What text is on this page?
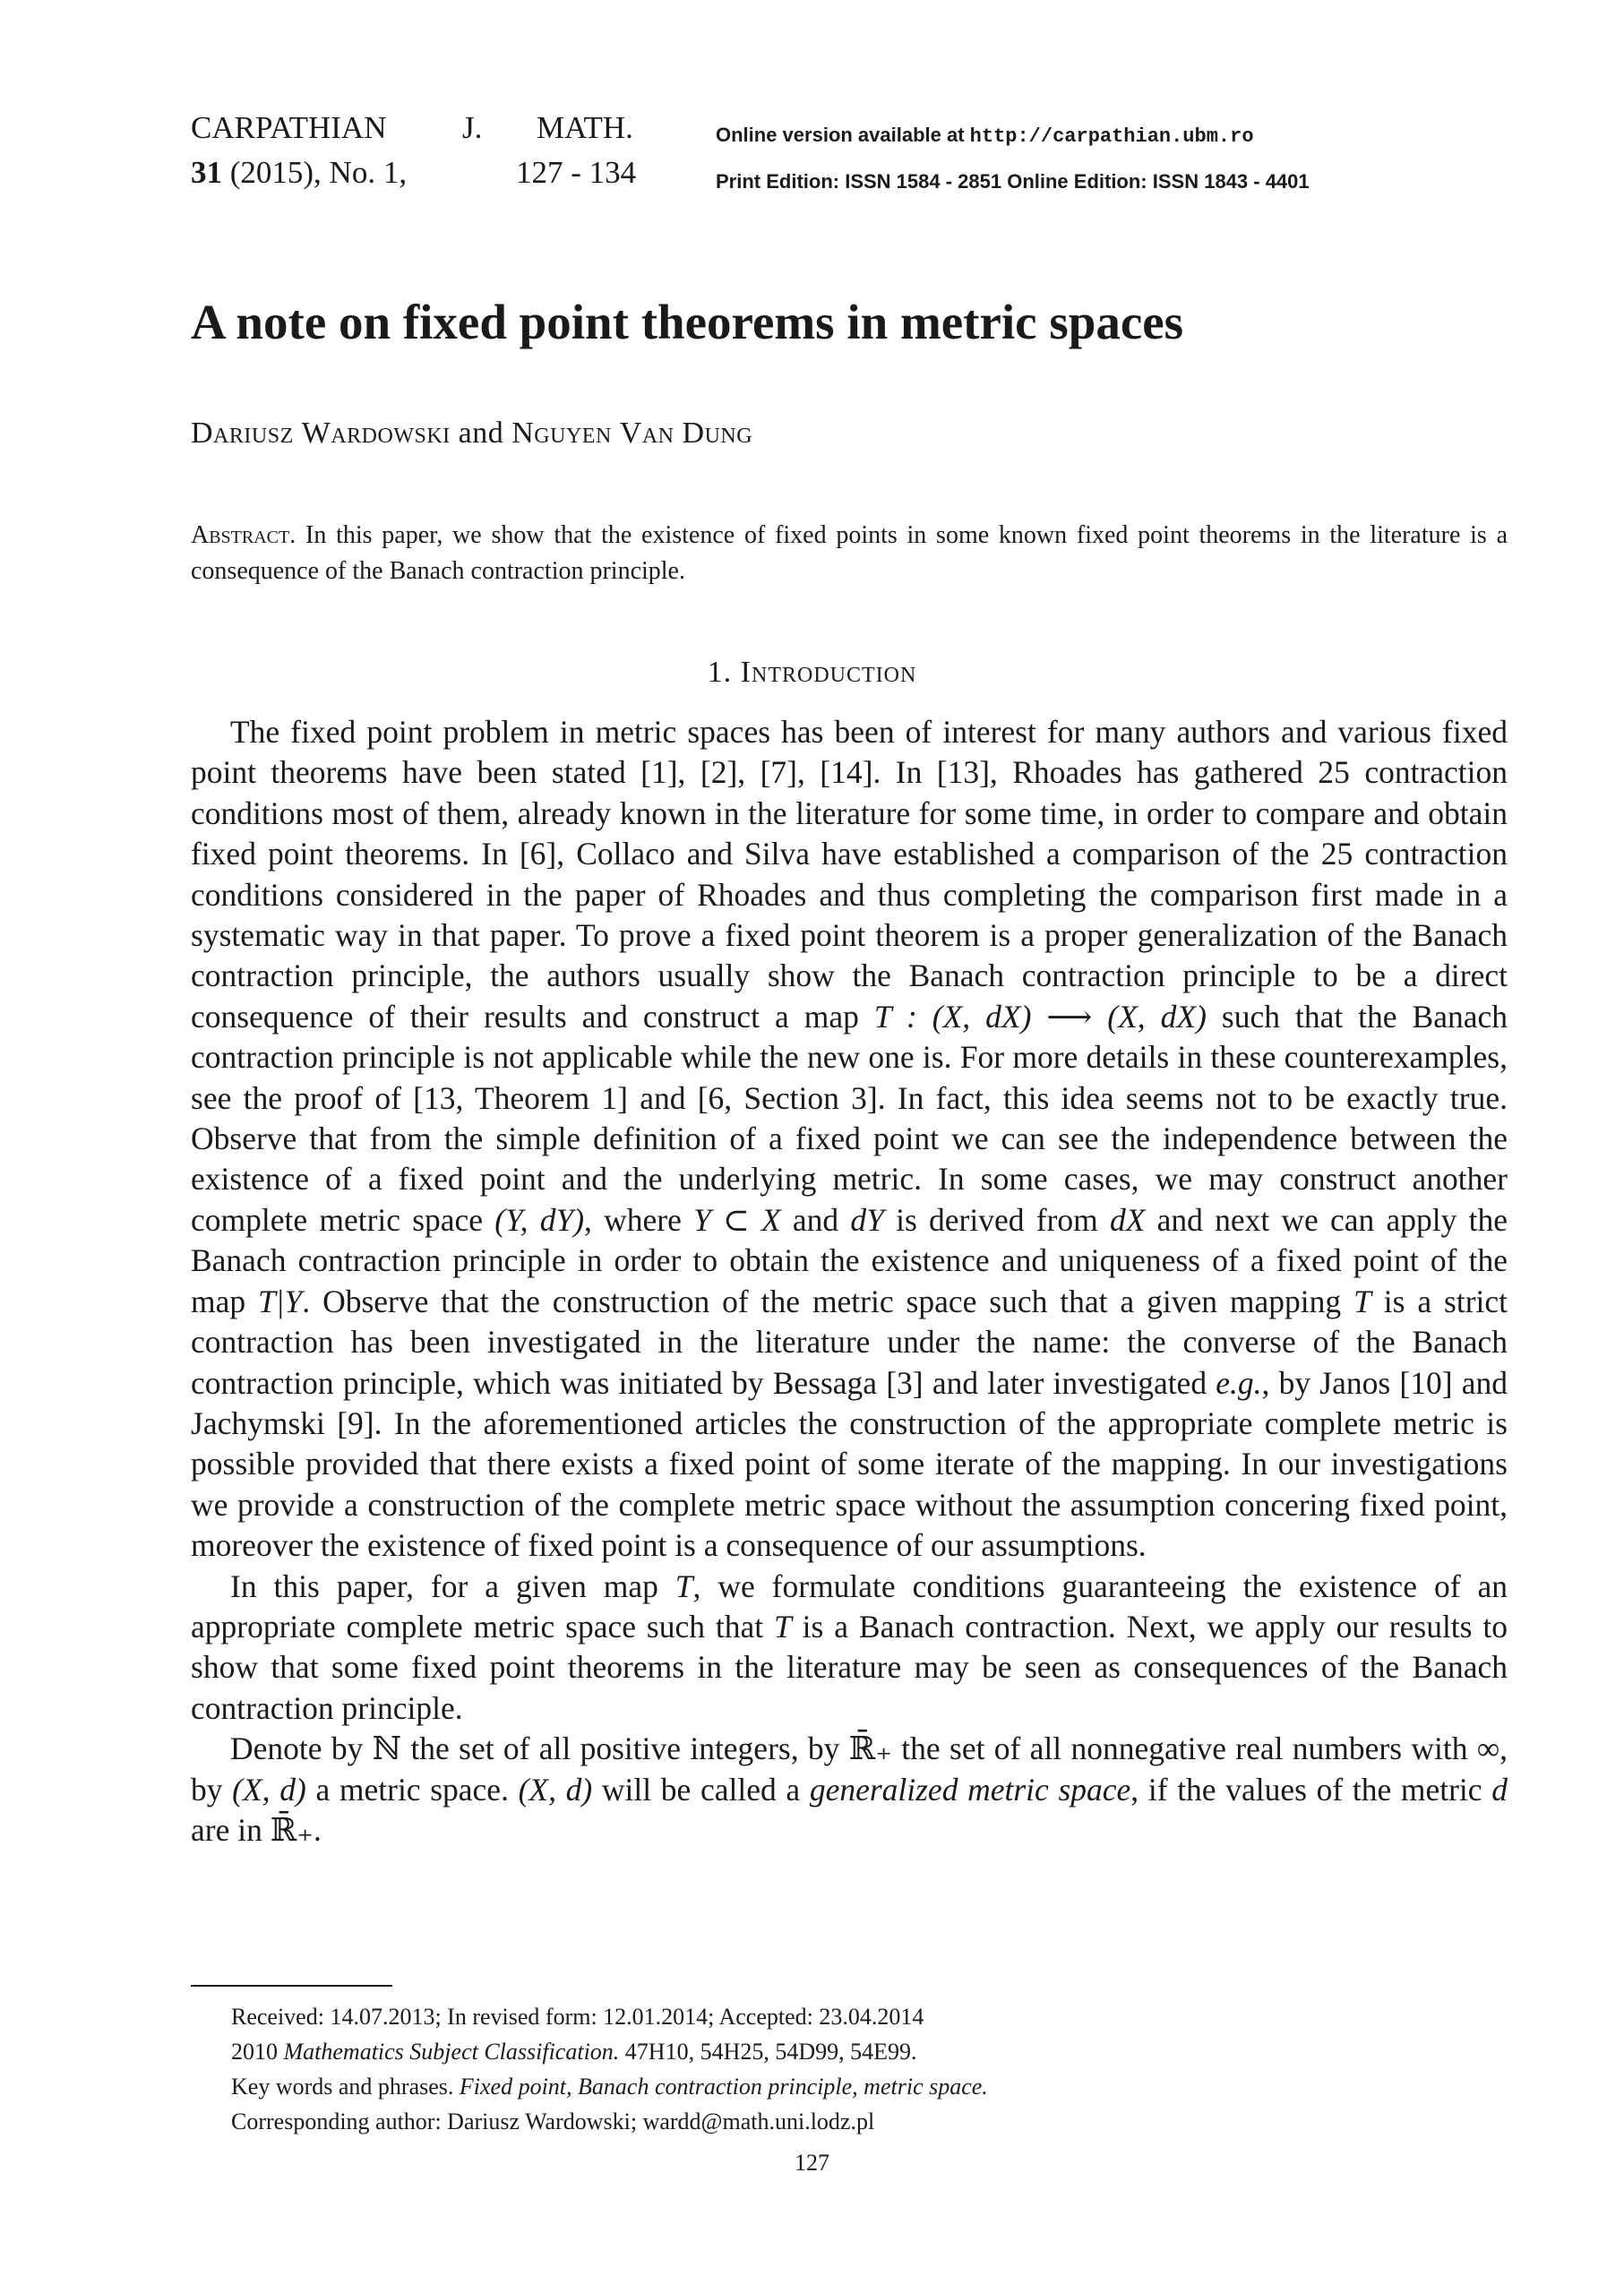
CARPATHIAN J. MATH.
31 (2015), No. 1,	127 - 134
Online version available at http://carpathian.ubm.ro
Print Edition: ISSN 1584 - 2851 Online Edition: ISSN 1843 - 4401
A note on fixed point theorems in metric spaces
Dariusz Wardowski and Nguyen Van Dung
Abstract. In this paper, we show that the existence of fixed points in some known fixed point theorems in the literature is a consequence of the Banach contraction principle.
1. Introduction

The fixed point problem in metric spaces has been of interest for many authors and various fixed point theorems have been stated [1], [2], [7], [14]. In [13], Rhoades has gathered 25 contraction conditions most of them, already known in the literature for some time, in order to compare and obtain fixed point theorems. In [6], Collaco and Silva have established a comparison of the 25 contraction conditions considered in the paper of Rhoades and thus completing the comparison first made in a systematic way in that paper. To prove a fixed point theorem is a proper generalization of the Banach contraction principle, the authors usually show the Banach contraction principle to be a direct consequence of their results and construct a map T : (X, dX) ⟶ (X, dX) such that the Banach contraction principle is not applicable while the new one is. For more details in these counterexamples, see the proof of [13, Theorem 1] and [6, Section 3]. In fact, this idea seems not to be exactly true. Observe that from the simple definition of a fixed point we can see the independence between the existence of a fixed point and the underlying metric. In some cases, we may construct another complete metric space (Y, dY), where Y ⊂ X and dY is derived from dX and next we can apply the Banach contraction principle in order to obtain the existence and uniqueness of a fixed point of the map T|Y. Observe that the construction of the metric space such that a given mapping T is a strict contraction has been investigated in the literature under the name: the converse of the Banach contraction principle, which was initiated by Bessaga [3] and later investigated e.g., by Janos [10] and Jachymski [9]. In the aforementioned articles the construction of the appropriate complete metric is possible provided that there exists a fixed point of some iterate of the mapping. In our investigations we provide a construction of the complete metric space without the assumption concering fixed point, moreover the existence of fixed point is a consequence of our assumptions.

In this paper, for a given map T, we formulate conditions guaranteeing the existence of an appropriate complete metric space such that T is a Banach contraction. Next, we apply our results to show that some fixed point theorems in the literature may be seen as consequences of the Banach contraction principle.

Denote by ℕ the set of all positive integers, by ℝ̄₊ the set of all nonnegative real numbers with ∞, by (X, d) a metric space. (X, d) will be called a generalized metric space, if the values of the metric d are in ℝ̄₊.

Received: 14.07.2013; In revised form: 12.01.2014; Accepted: 23.04.2014
2010 Mathematics Subject Classification. 47H10, 54H25, 54D99, 54E99.
Key words and phrases. Fixed point, Banach contraction principle, metric space.
Corresponding author: Dariusz Wardowski; wardd@math.uni.lodz.pl
127
